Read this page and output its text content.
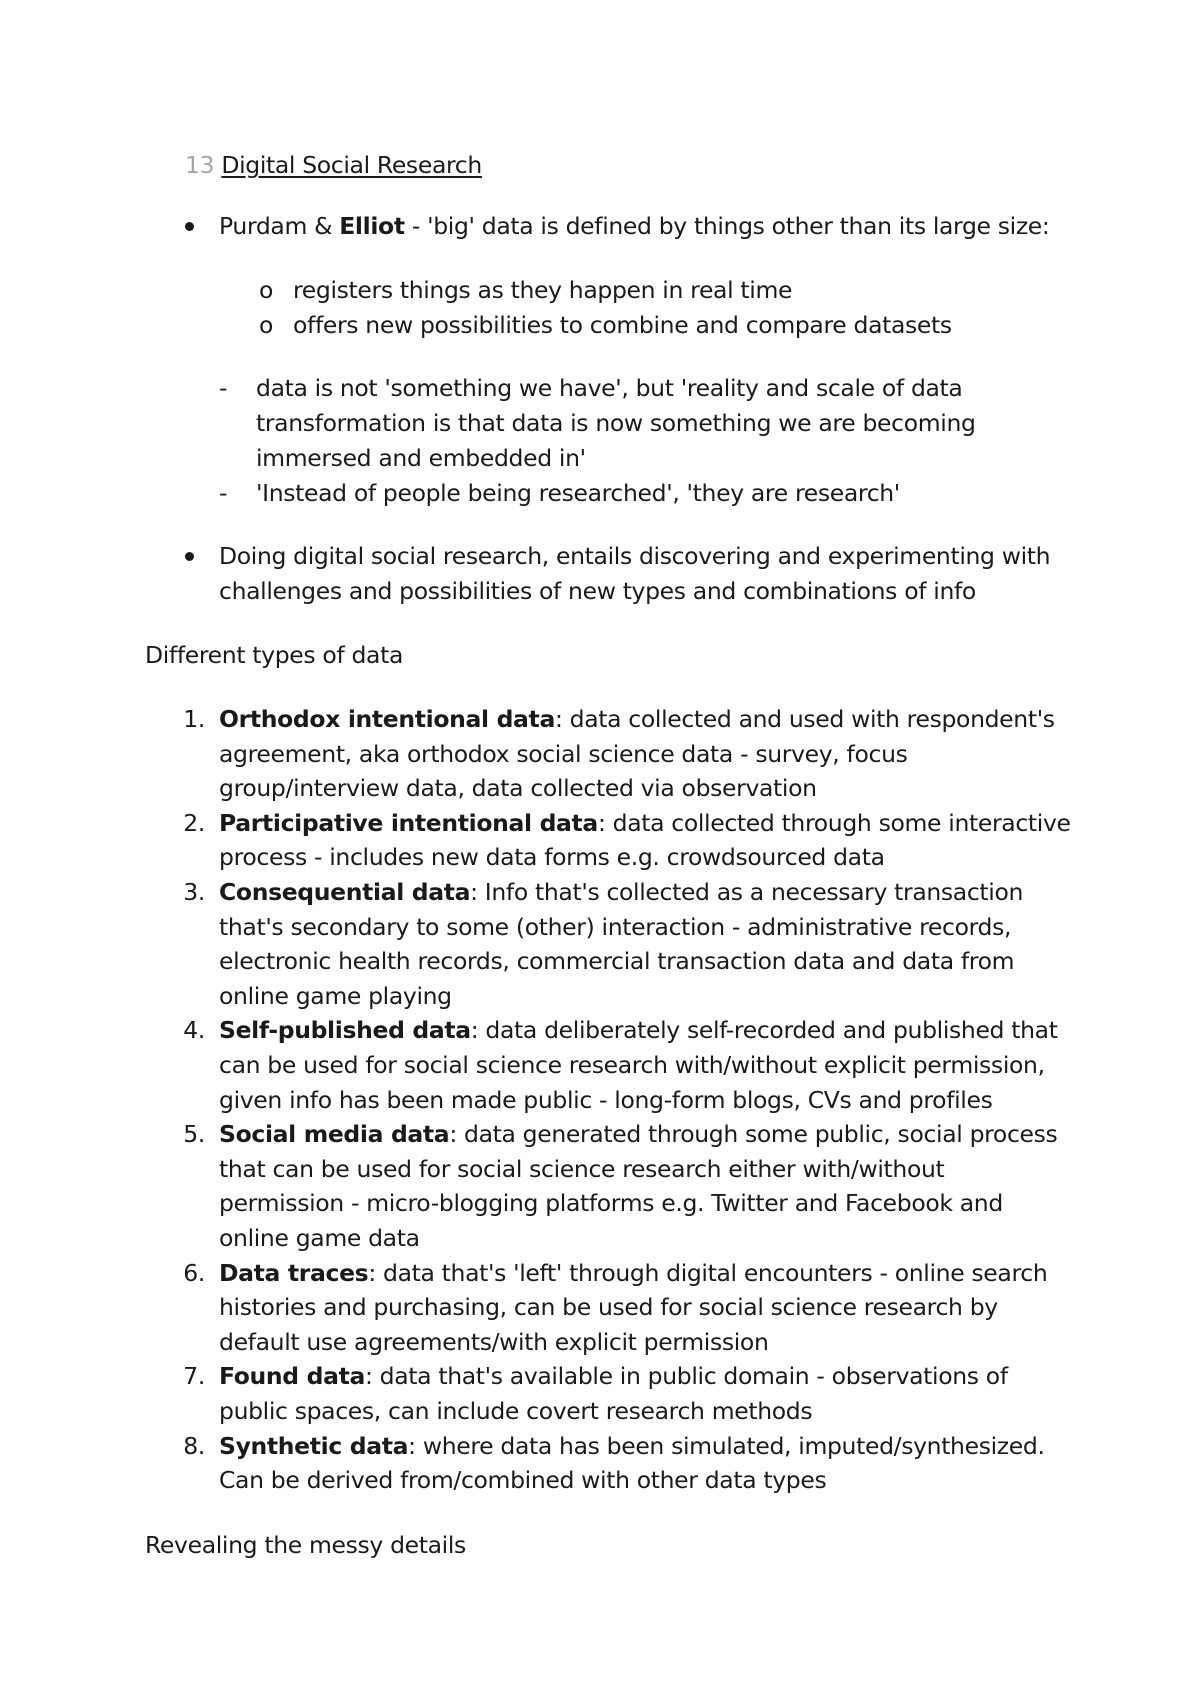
13 Digital Social Research
Purdam & Elliot - 'big' data is defined by things other than its large size:
o registers things as they happen in real time
o offers new possibilities to combine and compare datasets
- data is not 'something we have', but 'reality and scale of data
transformation is that data is now something we are becoming
immersed and embedded in'
- 'Instead of people being researched', 'they are research'
Doing digital social research, entails discovering and experimenting with
challenges and possibilities of new types and combinations of info
Different types of data
1. Orthodox intentional data: data collected and used with respondent's
agreement, aka orthodox social science data - survey, focus
group/interview data, data collected via observation
2. Participative intentional data: data collected through some interactive
process - includes new data forms e.g. crowdsourced data
3. Consequential data: Info that's collected as a necessary transaction
that's secondary to some (other) interaction - administrative records,
electronic health records, commercial transaction data and data from
online game playing
4. Self-published data: data deliberately self-recorded and published that
can be used for social science research with/without explicit permission,
given info has been made public - long-form blogs, CVs and profiles
5. Social media data: data generated through some public, social process
that can be used for social science research either with/without
permission - micro-blogging platforms e.g. Twitter and Facebook and
online game data
6. Data traces: data that's 'left' through digital encounters - online search
histories and purchasing, can be used for social science research by
default use agreements/with explicit permission
7. Found data: data that's available in public domain - observations of
public spaces, can include covert research methods
8. Synthetic data: where data has been simulated, imputed/synthesized.
Can be derived from/combined with other data types
Revealing the messy details
